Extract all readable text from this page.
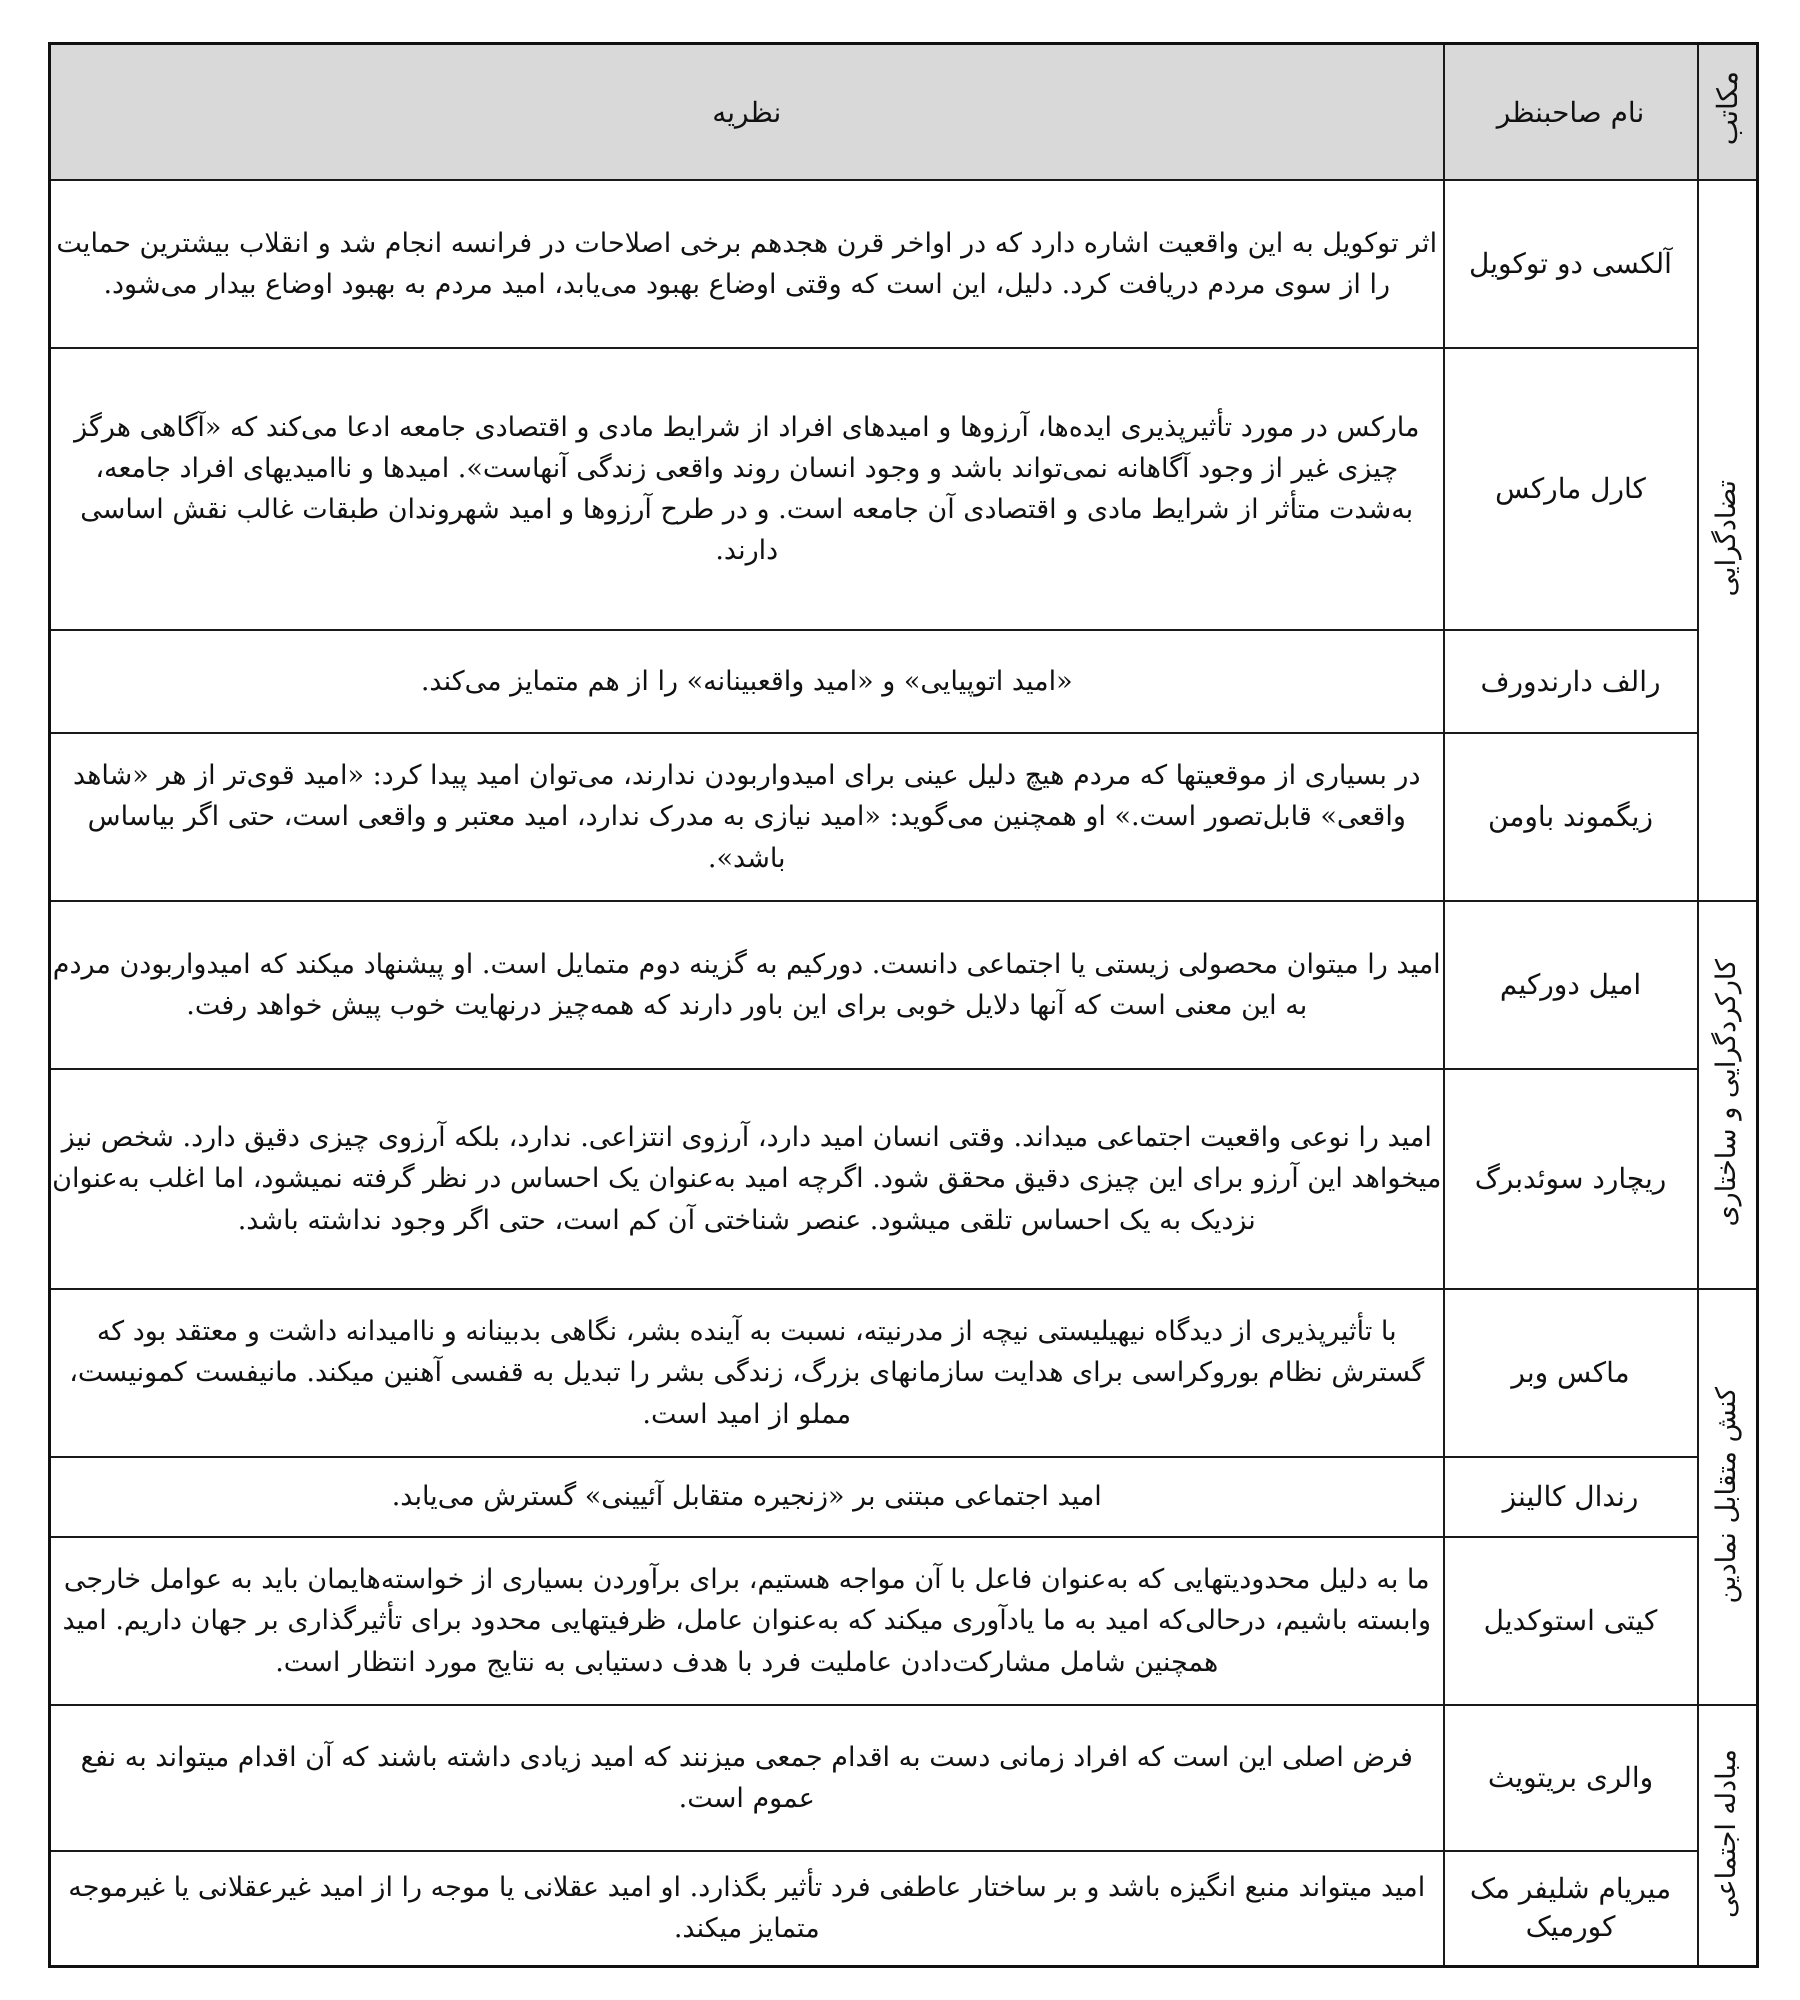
مکاتب	نام صاحبنظر	نظریه
تضادگرایی	آلکسی دو توکویل	اثر توکویل به این واقعیت اشاره دارد که در اواخر قرن هجدهم برخی اصلاحات در فرانسه انجام شد و انقلاب بیشترین حمایت را از سوی مردم دریافت کرد. دلیل، این است که وقتی اوضاع بهبود می‌یابد، امید مردم به بهبود اوضاع بیدار می‌شود.
	کارل مارکس	مارکس در مورد تأثیرپذیری ایده‌ها، آرزوها و امیدهای افراد از شرایط مادی و اقتصادی جامعه ادعا می‌کند که «آگاهی هرگز چیزی غیر از وجود آگاهانه نمی‌تواند باشد و وجود انسان روند واقعی زندگی آنهاست». امیدها و ناامیدیهای افراد جامعه، به‌شدت متأثر از شرایط مادی و اقتصادی آن جامعه است. و در طرح آرزوها و امید شهروندان طبقات غالب نقش اساسی دارند.
	رالف دارندورف	«امید اتوپیایی» و «امید واقعبینانه» را از هم متمایز می‌کند.
	زیگموند باومن	در بسیاری از موقعیتها که مردم هیچ دلیل عینی برای امیدواربودن ندارند، می‌توان امید پیدا کرد: «امید قوی‌تر از هر «شاهد واقعی» قابل‌تصور است.» او همچنین می‌گوید: «امید نیازی به مدرک ندارد، امید معتبر و واقعی است، حتی اگر بیاساس باشد».
کارکردگرایی و ساختاری	امیل دورکیم	امید را میتوان محصولی زیستی یا اجتماعی دانست. دورکیم به گزینه دوم متمایل است. او پیشنهاد میکند که امیدواربودن مردم به این معنی است که آنها دلایل خوبی برای این باور دارند که همه‌چیز درنهایت خوب پیش خواهد رفت.
	ریچارد سوئدبرگ	امید را نوعی واقعیت اجتماعی میداند. وقتی انسان امید دارد، آرزوی انتزاعی. ندارد، بلکه آرزوی چیزی دقیق دارد. شخص نیز میخواهد این آرزو برای این چیزی دقیق محقق شود. اگرچه امید به‌عنوان یک احساس در نظر گرفته نمیشود، اما اغلب به‌عنوان نزدیک به یک احساس تلقی میشود. عنصر شناختی آن کم است، حتی اگر وجود نداشته باشد.
کنش متقابل نمادین	ماکس وبر	با تأثیرپذیری از دیدگاه نیهیلیستی نیچه از مدرنیته، نسبت به آینده بشر، نگاهی بدبینانه و ناامیدانه داشت و معتقد بود که گسترش نظام بوروکراسی برای هدایت سازمانهای بزرگ، زندگی بشر را تبدیل به قفسی آهنین میکند. مانیفست کمونیست، مملو از امید است.
	رندال کالینز	امید اجتماعی مبتنی بر «زنجیره متقابل آئیینی» گسترش می‌یابد.
	کیتی استوکدیل	ما به دلیل محدودیتهایی که به‌عنوان فاعل با آن مواجه هستیم، برای برآوردن بسیاری از خواسته‌هایمان باید به عوامل خارجی وابسته باشیم، درحالی‌که امید به ما یادآوری میکند که به‌عنوان عامل، ظرفیتهایی محدود برای تأثیرگذاری بر جهان داریم. امید همچنین شامل مشارکت‌دادن عاملیت فرد با هدف دستیابی به نتایج مورد انتظار است.
مبادله اجتماعی	والری بریتویث	فرض اصلی این است که افراد زمانی دست به اقدام جمعی میزنند که امید زیادی داشته باشند که آن اقدام میتواند به نفع عموم است.
	میریام شلیفر مک کورمیک	امید میتواند منبع انگیزه باشد و بر ساختار عاطفی فرد تأثیر بگذارد. او امید عقلانی یا موجه را از امید غیرعقلانی یا غیرموجه متمایز میکند.
